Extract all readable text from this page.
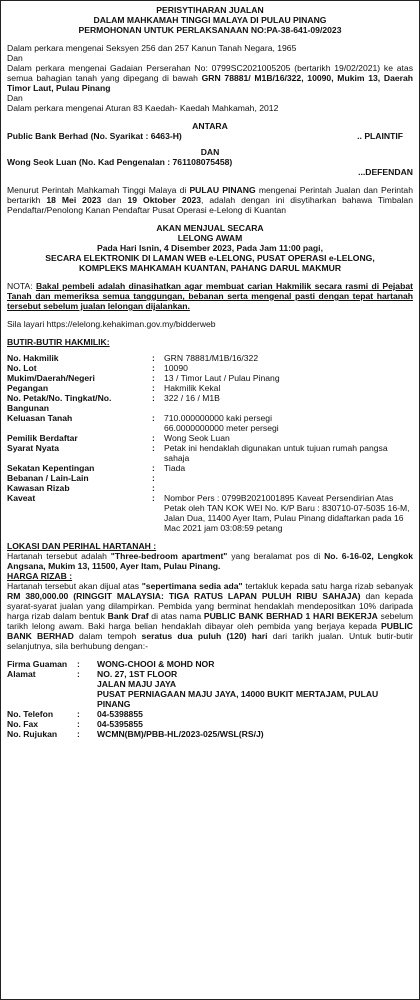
PERISYTIHARAN JUALAN
DALAM MAHKAMAH TINGGI MALAYA DI PULAU PINANG
PERMOHONAN UNTUK PERLAKSANAAN NO:PA-38-641-09/2023

Dalam perkara mengenai Seksyen 256 dan 257 Kanun Tanah Negara, 1965

Dan

Dalam perkara mengenai Gadaian Perserahan No: 0799SC2021005205 (bertarikh 19/02/2021) ke atas semua bahagian tanah yang dipegang di bawah GRN 78881/ M1B/16/322, 10090, Mukim 13, Daerah Timor Laut, Pulau Pinang

Dan

Dalam perkara mengenai Aturan 83 Kaedah- Kaedah Mahkamah, 2012

ANTARA
Public Bank Berhad (No. Syarikat : 6463-H)	.. PLAINTIF
DAN
Wong Seok Luan (No. Kad Pengenalan : 761108075458)
...DEFENDAN

Menurut Perintah Mahkamah Tinggi Malaya di PULAU PINANG mengenai Perintah Jualan dan Perintah bertarikh 18 Mei 2023 dan 19 Oktober 2023, adalah dengan ini disytiharkan bahawa Timbalan Pendaftar/Penolong Kanan Pendaftar Pusat Operasi e-Lelong di Kuantan

AKAN MENJUAL SECARA
LELONG AWAM
Pada Hari Isnin, 4 Disember 2023, Pada Jam 11:00 pagi,
SECARA ELEKTRONIK DI LAMAN WEB e-LELONG, PUSAT OPERASI e-LELONG,
KOMPLEKS MAHKAMAH KUANTAN, PAHANG DARUL MAKMUR

NOTA: Bakal pembeli adalah dinasihatkan agar membuat carian Hakmilik secara rasmi di Pejabat Tanah dan memeriksa semua tanggungan, bebanan serta mengenal pasti dengan tepat hartanah tersebut sebelum jualan lelongan dijalankan.

Sila layari https://elelong.kehakiman.gov.my/bidderweb

BUTIR-BUTIR HAKMILIK:

No. Hakmilik	:	GRN 78881/M1B/16/322
No. Lot	:	10090
Mukim/Daerah/Negeri	:	13 / Timor Laut / Pulau Pinang
Pegangan	:	Hakmilik Kekal
No. Petak/No. Tingkat/No. Bangunan	:	322 / 16 / M1B
Keluasan Tanah	:	710.000000000 kaki persegi
66.0000000000 meter persegi
Pemilik Berdaftar	:	Wong Seok Luan
Syarat Nyata	:	Petak ini hendaklah digunakan untuk tujuan rumah pangsa sahaja
Sekatan Kepentingan	:	Tiada
Bebanan / Lain-Lain	:	
Kawasan Rizab	:	
Kaveat	:	Nombor Pers : 0799B2021001895 Kaveat Persendirian Atas Petak oleh TAN KOK WEI No. K/P Baru : 830710-07-5035 16-M, Jalan Dua, 11400 Ayer Itam, Pulau Pinang didaftarkan pada 16 Mac 2021 jam 03:08:59 petang

LOKASI DAN PERIHAL HARTANAH :

Hartanah tersebut adalah "Three-bedroom apartment" yang beralamat pos di No. 6-16-02, Lengkok Angsana, Mukim 13, 11500, Ayer Itam, Pulau Pinang.

HARGA RIZAB :

Hartanah tersebut akan dijual atas "sepertimana sedia ada" tertakluk kepada satu harga rizab sebanyak RM 380,000.00 (RINGGIT MALAYSIA: TIGA RATUS LAPAN PULUH RIBU SAHAJA) dan kepada syarat-syarat jualan yang dilampirkan. Pembida yang berminat hendaklah mendepositkan 10% daripada harga rizab dalam bentuk Bank Draf di atas nama PUBLIC BANK BERHAD 1 HARI BEKERJA sebelum tarikh lelong awam. Baki harga belian hendaklah dibayar oleh pembida yang berjaya kepada PUBLIC BANK BERHAD dalam tempoh seratus dua puluh (120) hari dari tarikh jualan. Untuk butir-butir selanjutnya, sila berhubung dengan:-

Firma Guaman	:	WONG-CHOOI & MOHD NOR
Alamat	:	NO. 27, 1ST FLOOR
		JALAN MAJU JAYA
		PUSAT PERNIAGAAN MAJU JAYA, 14000 BUKIT MERTAJAM, PULAU PINANG
No. Telefon	:	04-5398855
No. Fax	:	04-5395855
No. Rujukan	:	WCMN(BM)/PBB-HL/2023-025/WSL(RS/J)
